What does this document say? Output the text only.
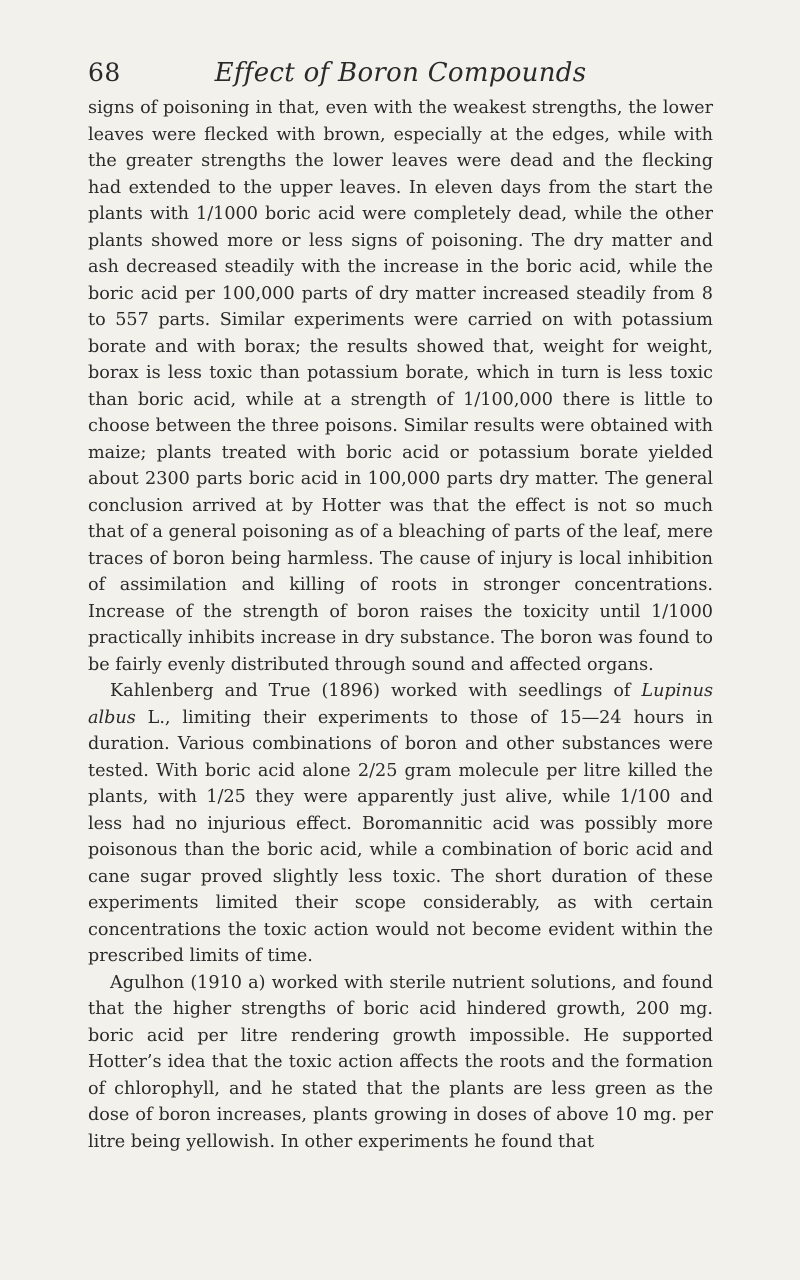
68	Effect of Boron Compounds

signs of poisoning in that, even with the weakest strengths, the lower leaves were flecked with brown, especially at the edges, while with the greater strengths the lower leaves were dead and the flecking had extended to the upper leaves. In eleven days from the start the plants with 1/1000 boric acid were completely dead, while the other plants showed more or less signs of poisoning. The dry matter and ash decreased steadily with the increase in the boric acid, while the boric acid per 100,000 parts of dry matter increased steadily from 8 to 557 parts. Similar experiments were carried on with potassium borate and with borax; the results showed that, weight for weight, borax is less toxic than potassium borate, which in turn is less toxic than boric acid, while at a strength of 1/100,000 there is little to choose between the three poisons. Similar results were obtained with maize; plants treated with boric acid or potassium borate yielded about 2300 parts boric acid in 100,000 parts dry matter. The general conclusion arrived at by Hotter was that the effect is not so much that of a general poisoning as of a bleaching of parts of the leaf, mere traces of boron being harmless. The cause of injury is local inhibition of assimilation and killing of roots in stronger concentrations. Increase of the strength of boron raises the toxicity until 1/1000 practically inhibits increase in dry substance. The boron was found to be fairly evenly distributed through sound and affected organs.

Kahlenberg and True (1896) worked with seedlings of Lupinus albus L., limiting their experiments to those of 15—24 hours in duration. Various combinations of boron and other substances were tested. With boric acid alone 2/25 gram molecule per litre killed the plants, with 1/25 they were apparently just alive, while 1/100 and less had no injurious effect. Boromannitic acid was possibly more poisonous than the boric acid, while a combination of boric acid and cane sugar proved slightly less toxic. The short duration of these experiments limited their scope considerably, as with certain concentrations the toxic action would not become evident within the prescribed limits of time.

Agulhon (1910 a) worked with sterile nutrient solutions, and found that the higher strengths of boric acid hindered growth, 200 mg. boric acid per litre rendering growth impossible. He supported Hotter’s idea that the toxic action affects the roots and the formation of chlorophyll, and he stated that the plants are less green as the dose of boron increases, plants growing in doses of above 10 mg. per litre being yellowish. In other experiments he found that
